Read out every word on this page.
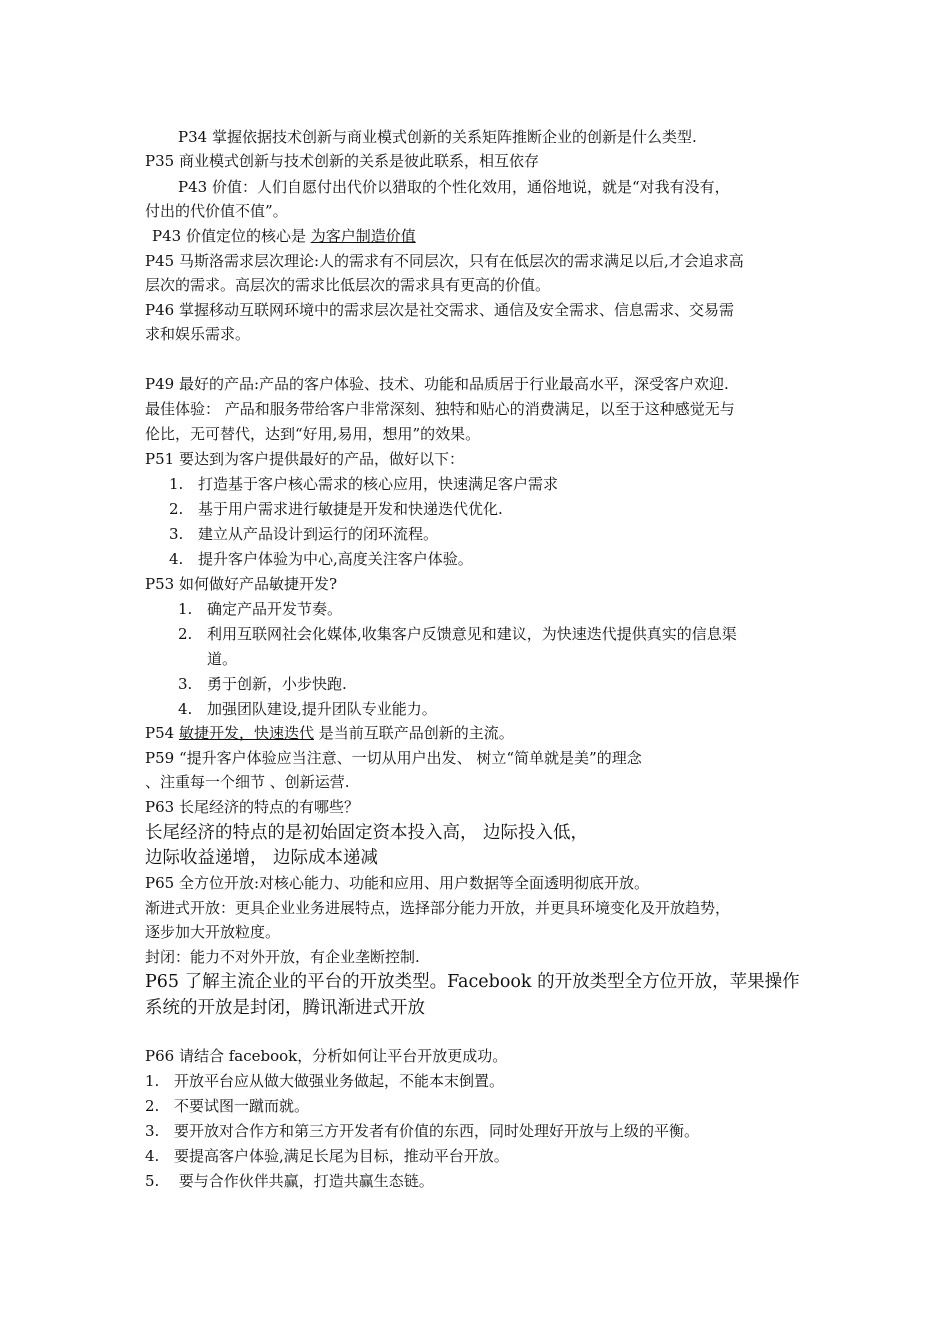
P34 掌握依据技术创新与商业模式创新的关系矩阵推断企业的创新是什么类型.
P35 商业模式创新与技术创新的关系是彼此联系，相互依存
P43 价值：人们自愿付出代价以猎取的个性化效用，通俗地说，就是“对我有没有，
付出的代价值不值”。
P43 价值定位的核心是 为客户制造价值
P45 马斯洛需求层次理论:人的需求有不同层次，只有在低层次的需求满足以后,才会追求高
层次的需求。高层次的需求比低层次的需求具有更高的价值。
P46 掌握移动互联网环境中的需求层次是社交需求、通信及安全需求、信息需求、交易需
求和娱乐需求。
P49 最好的产品:产品的客户体验、技术、功能和品质居于行业最高水平，深受客户欢迎.
最佳体验： 产品和服务带给客户非常深刻、独特和贴心的消费满足，以至于这种感觉无与
伦比，无可替代，达到“好用,易用，想用”的效果。
P51 要达到为客户提供最好的产品，做好以下：
1. 打造基于客户核心需求的核心应用，快速满足客户需求
2. 基于用户需求进行敏捷是开发和快递迭代优化.
3. 建立从产品设计到运行的闭环流程。
4. 提升客户体验为中心,高度关注客户体验。
P53 如何做好产品敏捷开发?
1. 确定产品开发节奏。
2. 利用互联网社会化媒体,收集客户反馈意见和建议，为快速迭代提供真实的信息渠
道。
3. 勇于创新，小步快跑.
4. 加强团队建设,提升团队专业能力。
P54 敏捷开发，快速迭代 是当前互联产品创新的主流。
P59 “提升客户体验应当注意、一切从用户出发、 树立“简单就是美”的理念
、注重每一个细节 、创新运营.
P63 长尾经济的特点的有哪些？
长尾经济的特点的是初始固定资本投入高， 边际投入低，
边际收益递增， 边际成本递减
P65 全方位开放:对核心能力、功能和应用、用户数据等全面透明彻底开放。
渐进式开放：更具企业业务进展特点，选择部分能力开放，并更具环境变化及开放趋势，
逐步加大开放粒度。
封闭：能力不对外开放，有企业垄断控制.
P65 了解主流企业的平台的开放类型。Facebook 的开放类型全方位开放，苹果操作
系统的开放是封闭，腾讯渐进式开放
P66 请结合 facebook，分析如何让平台开放更成功。
1. 开放平台应从做大做强业务做起，不能本末倒置。
2. 不要试图一蹴而就。
3. 要开放对合作方和第三方开发者有价值的东西，同时处理好开放与上级的平衡。
4. 要提高客户体验,满足长尾为目标，推动平台开放。
5. 要与合作伙伴共赢，打造共赢生态链。
